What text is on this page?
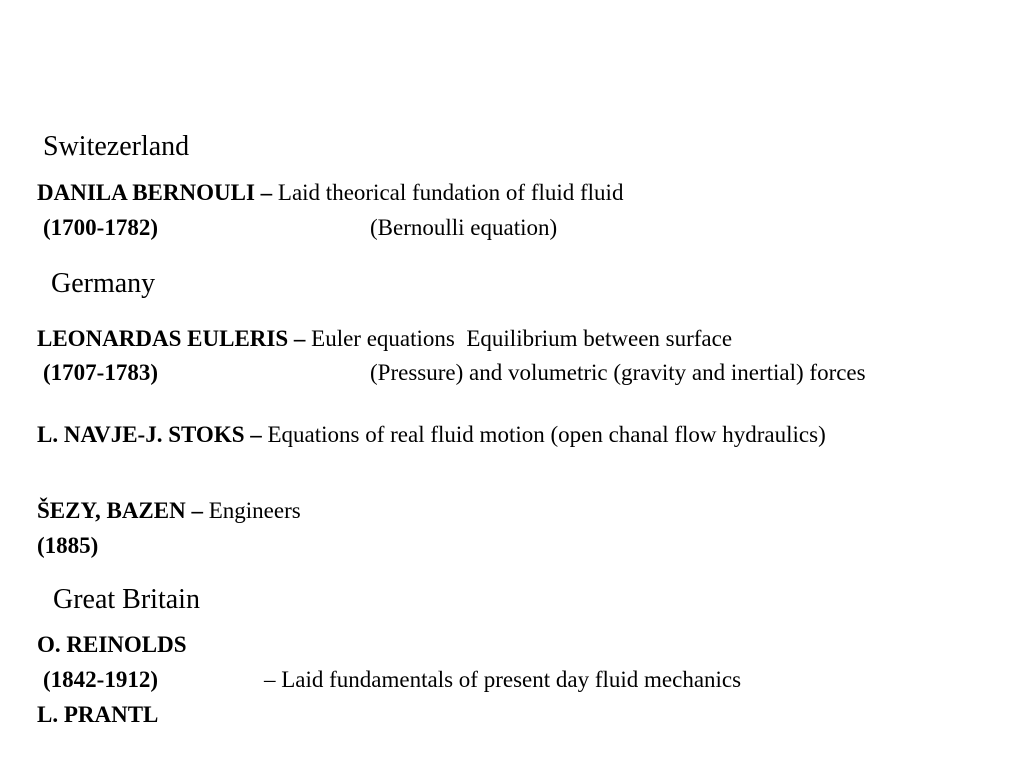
Switezerland
DANILA BERNOULI – Laid theorical fundation of fluid fluid
(1700-1782)	(Bernoulli equation)
Germany
LEONARDAS EULERIS – Euler equations  Equilibrium between surface
(1707-1783)	(Pressure) and volumetric (gravity and inertial) forces
L. NAVJE-J. STOKS – Equations of real fluid motion (open chanal flow hydraulics)
ŠEZY, BAZEN – Engineers
(1885)
Great Britain
O. REINOLDS
(1842-1912)	– Laid fundamentals of present day fluid mechanics
L. PRANTL
